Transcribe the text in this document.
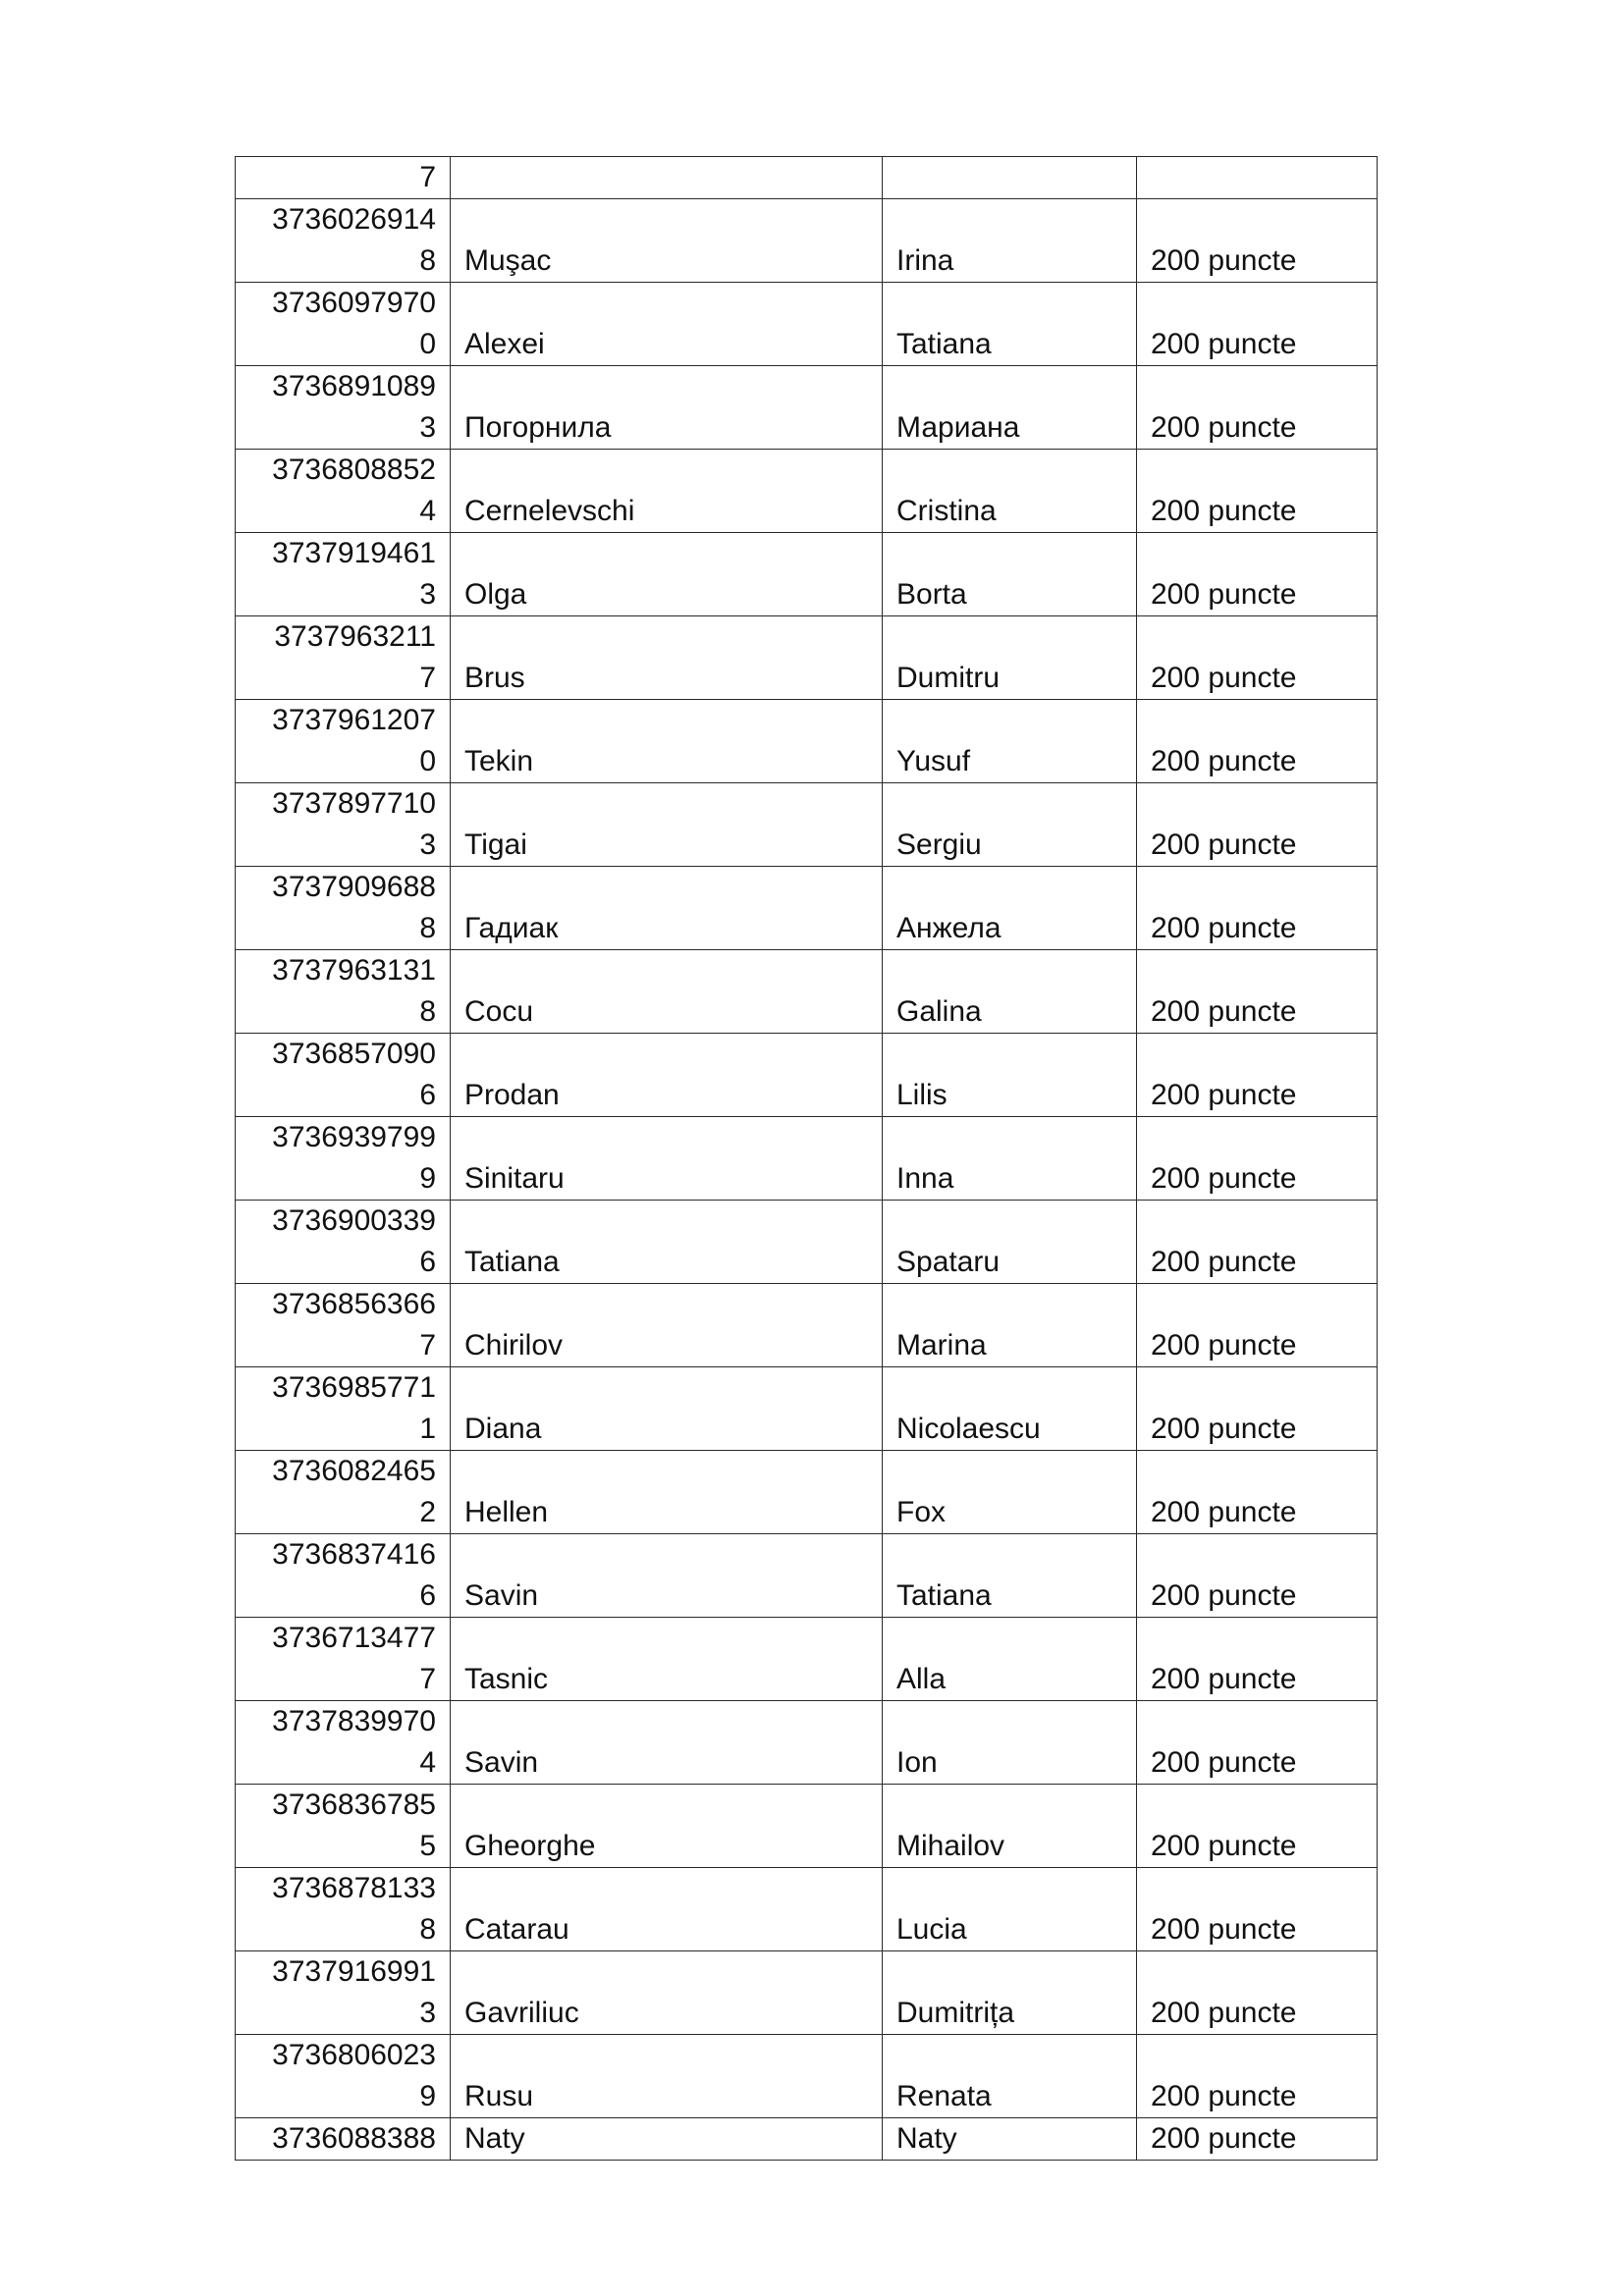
7			

3736026914
8	Muşac	Irina	200 puncte

3736097970
0	Alexei	Tatiana	200 puncte

3736891089
3	Погорнила	Мариана	200 puncte

3736808852
4	Cernelevschi	Cristina	200 puncte

3737919461
3	Olga	Borta	200 puncte

3737963211
7	Brus	Dumitru	200 puncte

3737961207
0	Tekin	Yusuf	200 puncte

3737897710
3	Tigai	Sergiu	200 puncte

3737909688
8	Гадиак	Анжела	200 puncte

3737963131
8	Cocu	Galina	200 puncte

3736857090
6	Prodan	Lilis	200 puncte

3736939799
9	Sinitaru	Inna	200 puncte

3736900339
6	Tatiana	Spataru	200 puncte

3736856366
7	Chirilov	Marina	200 puncte

3736985771
1	Diana	Nicolaescu	200 puncte

3736082465
2	Hellen	Fox	200 puncte

3736837416
6	Savin	Tatiana	200 puncte

3736713477
7	Tasnic	Alla	200 puncte

3737839970
4	Savin	Ion	200 puncte

3736836785
5	Gheorghe	Mihailov	200 puncte

3736878133
8	Catarau	Lucia	200 puncte

3737916991
3	Gavriliuc	Dumitrița	200 puncte

3736806023
9	Rusu	Renata	200 puncte

3736088388	Naty	Naty	200 puncte
